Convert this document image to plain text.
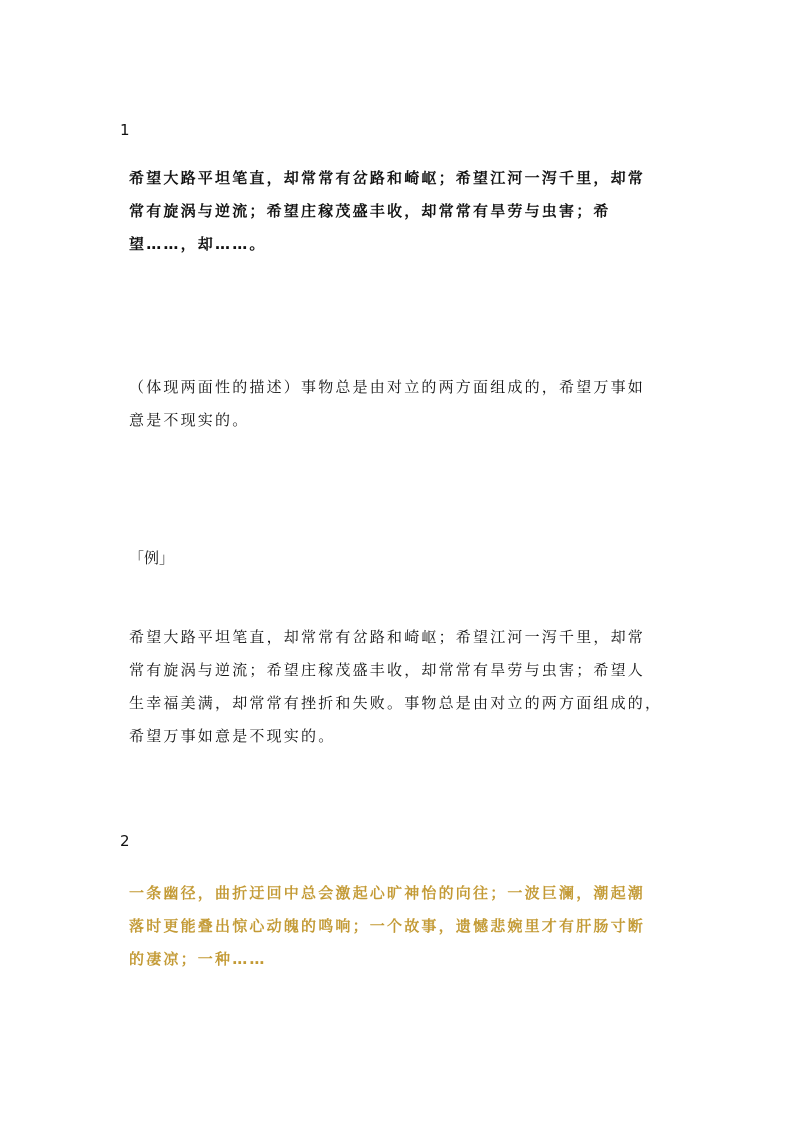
1
希望大路平坦笔直，却常常有岔路和崎岖；希望江河一泻千里，却常
常有旋涡与逆流；希望庄稼茂盛丰收，却常常有旱劳与虫害；希
望……，却……。
（体现两面性的描述）事物总是由对立的两方面组成的，希望万事如
意是不现实的。
「例」
希望大路平坦笔直，却常常有岔路和崎岖；希望江河一泻千里，却常
常有旋涡与逆流；希望庄稼茂盛丰收，却常常有旱劳与虫害；希望人
生幸福美满，却常常有挫折和失败。事物总是由对立的两方面组成的，
希望万事如意是不现实的。
2
一条幽径，曲折迂回中总会激起心旷神怡的向往；一波巨澜，潮起潮
落时更能叠出惊心动魄的鸣响；一个故事，遗憾悲婉里才有肝肠寸断
的凄凉；一种……
